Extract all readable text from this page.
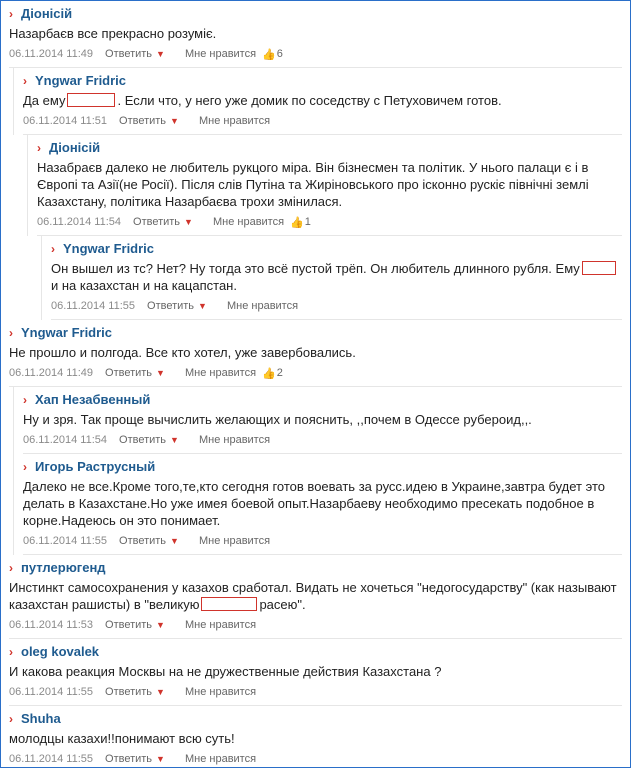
› Діонісій
Назарбаєв все прекрасно розуміє.
06.11.2014 11:49 Ответить ▼ Мне нравится 👍 6
› Yngwar Fridric
Да ему	. Если что, у него уже домик по соседству с Петуховичем готов.
06.11.2014 11:51 Ответить ▼ Мне нравится
› Діонісій
Назабраєв далеко не любитель рукцого міра. Він бізнесмен та політик. У нього палаци є і в Європі та Азії(не Росії). Після слів Путіна та Жиріновського про ісконно рускіє північні землі Казахстану, політика Назарбаєва трохи змінилася.
06.11.2014 11:54 Ответить ▼ Мне нравится 👍 1
› Yngwar Fridric
Он вышел из тс? Нет? Ну тогда это всё пустой трёп. Он любитель длинного рубля. Емуи на казахстан и на кацапстан.
06.11.2014 11:55 Ответить ▼ Мне нравится
› Yngwar Fridric
Не прошло и полгода. Все кто хотел, уже завербовались.
06.11.2014 11:49 Ответить ▼ Мне нравится 👍 2
› Хап Незабвенный
Ну и зря. Так проще вычислить желающих и пояснить, ,,почем в Одессе рубероид,,.
06.11.2014 11:54 Ответить ▼ Мне нравится
› Игорь Раструсный
Далеко не все.Кроме того,те,кто сегодня готов воевать за русс.идею в Украине,завтра будет это делать в Казахстане.Но уже имея боевой опыт.Назарбаеву необходимо пресекать подобное в корне.Надеюсь он это понимает.
06.11.2014 11:55 Ответить ▼ Мне нравится
› путлерюгенд
Инстинкт самосохранения у казахов сработал. Видать не хочеться "недогосударству" (как называют казахстан рашисты) в "великую	расею".
06.11.2014 11:53 Ответить ▼ Мне нравится
› oleg kovalek
И какова реакция Москвы на не дружественные действия Казахстана ?
06.11.2014 11:55 Ответить ▼ Мне нравится
› Shuha
молодцы казахи!!понимают всю суть!
06.11.2014 11:55 Ответить ▼ Мне нравится
